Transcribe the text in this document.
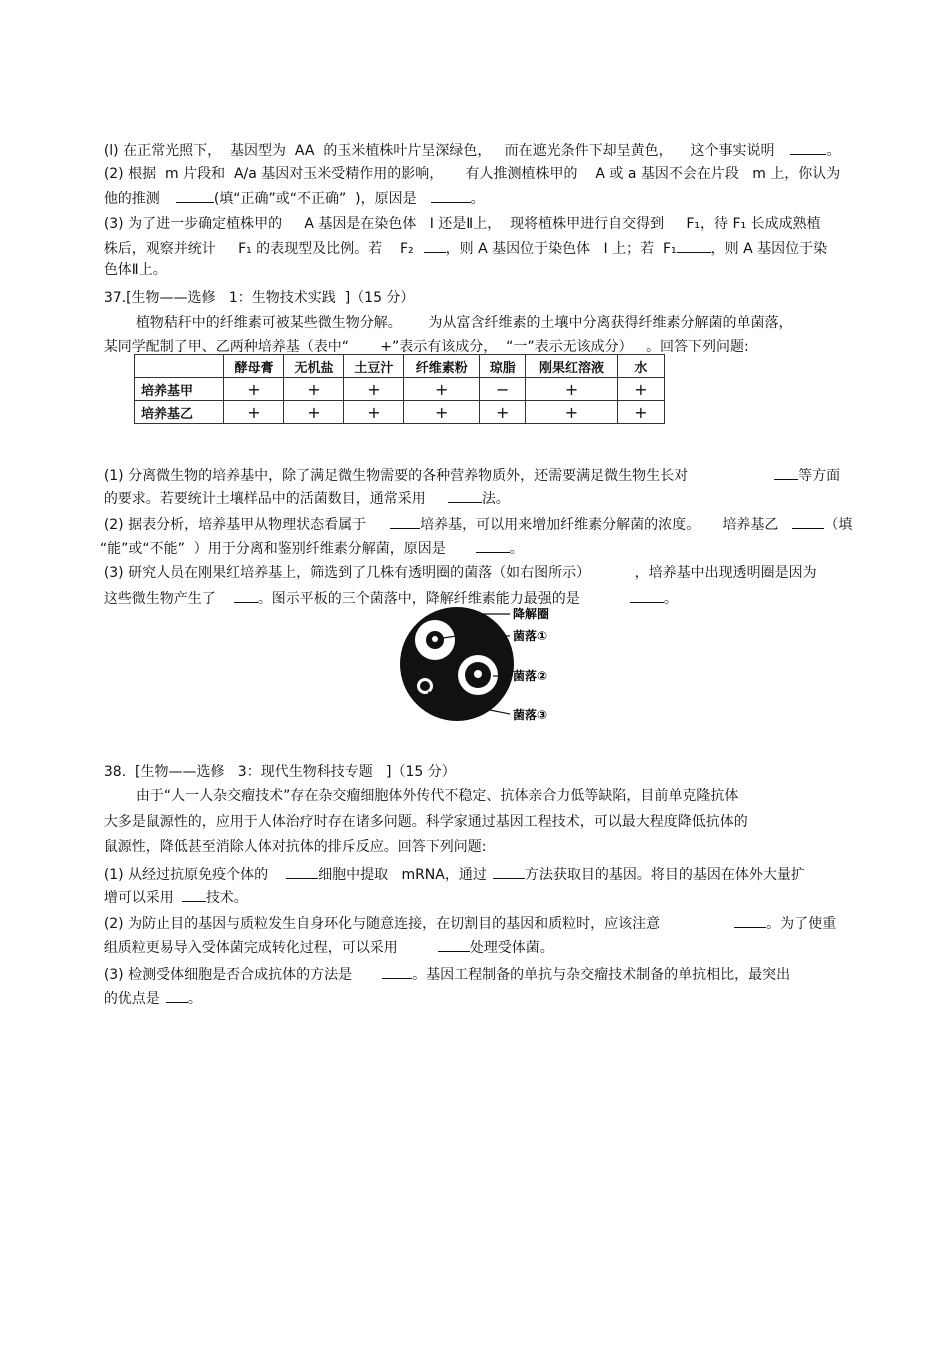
(l) 在正常光照下，  基因型为  AA  的玉米植株叶片呈深绿色，   而在遮光条件下却呈黄色，    这个事实说明	。

(2) 根据  m 片段和  A/a 基因对玉米受精作用的影响，     有人推测植株甲的    A 或 a 基因不会在片段   m 上，你认为

他的推测	(填“正确”或“不正确”  )，原因是	。

(3) 为了进一步确定植株甲的     A 基因是在染色体   Ⅰ 还是Ⅱ上，  现将植株甲进行自交得到     F₁，待 F₁ 长成成熟植

株后，观察并统计     F₁ 的表现型及比例。若    F₂ ，则 A 基因位于染色体   Ⅰ 上；若  F₁ ，则 A 基因位于染

色体Ⅱ上。

37.[生物——选修   1：生物技术实践  ]（15 分）

植物秸秆中的纤维素可被某些微生物分解。      为从富含纤维素的土壤中分离获得纤维素分解菌的单菌落，

某同学配制了甲、乙两种培养基（表中“       +”表示有该成分，  “一”表示无该成分）   。回答下列问题:

	酵母膏	无机盐	土豆汁	纤维素粉	琼脂	刚果红溶液	水
培养基甲	+	+	+	+	−	+	+
培养基乙	+	+	+	+	+	+	+

(1) 分离微生物的培养基中，除了满足微生物需要的各种营养物质外，还需要满足微生物生长对	等方面

的要求。若要统计土壤样品中的活菌数目，通常采用	法。

(2) 据表分析，培养基甲从物理状态看属于	培养基，可以用来增加纤维素分解菌的浓度。     培养基乙	（填

“能”或“不能”  ）用于分离和鉴别纤维素分解菌，原因是	。

(3) 研究人员在刚果红培养基上，筛选到了几株有透明圈的菌落（如右图所示）          ，培养基中出现透明圈是因为

这些微生物产生了	。图示平板的三个菌落中，降解纤维素能力最强的是	。

降解圈
菌落①
菌落②
菌落③

38.  [生物——选修   3：现代生物科技专题   ]（15 分）

由于“人一人杂交瘤技术”存在杂交瘤细胞体外传代不稳定、抗体亲合力低等缺陷，目前单克隆抗体

大多是鼠源性的，应用于人体治疗时存在诸多问题。科学家通过基因工程技术，可以最大程度降低抗体的

鼠源性，降低甚至消除人体对抗体的排斥反应。回答下列问题:

(1) 从经过抗原免疫个体的	细胞中提取   mRNA，通过	方法获取目的基因。将目的基因在体外大量扩

增可以采用 技术。

(2) 为防止目的基因与质粒发生自身环化与随意连接，在切割目的基因和质粒时，应该注意	。为了使重

组质粒更易导入受体菌完成转化过程，可以采用	处理受体菌。

(3) 检测受体细胞是否合成抗体的方法是	。基因工程制备的单抗与杂交瘤技术制备的单抗相比，最突出

的优点是 。
